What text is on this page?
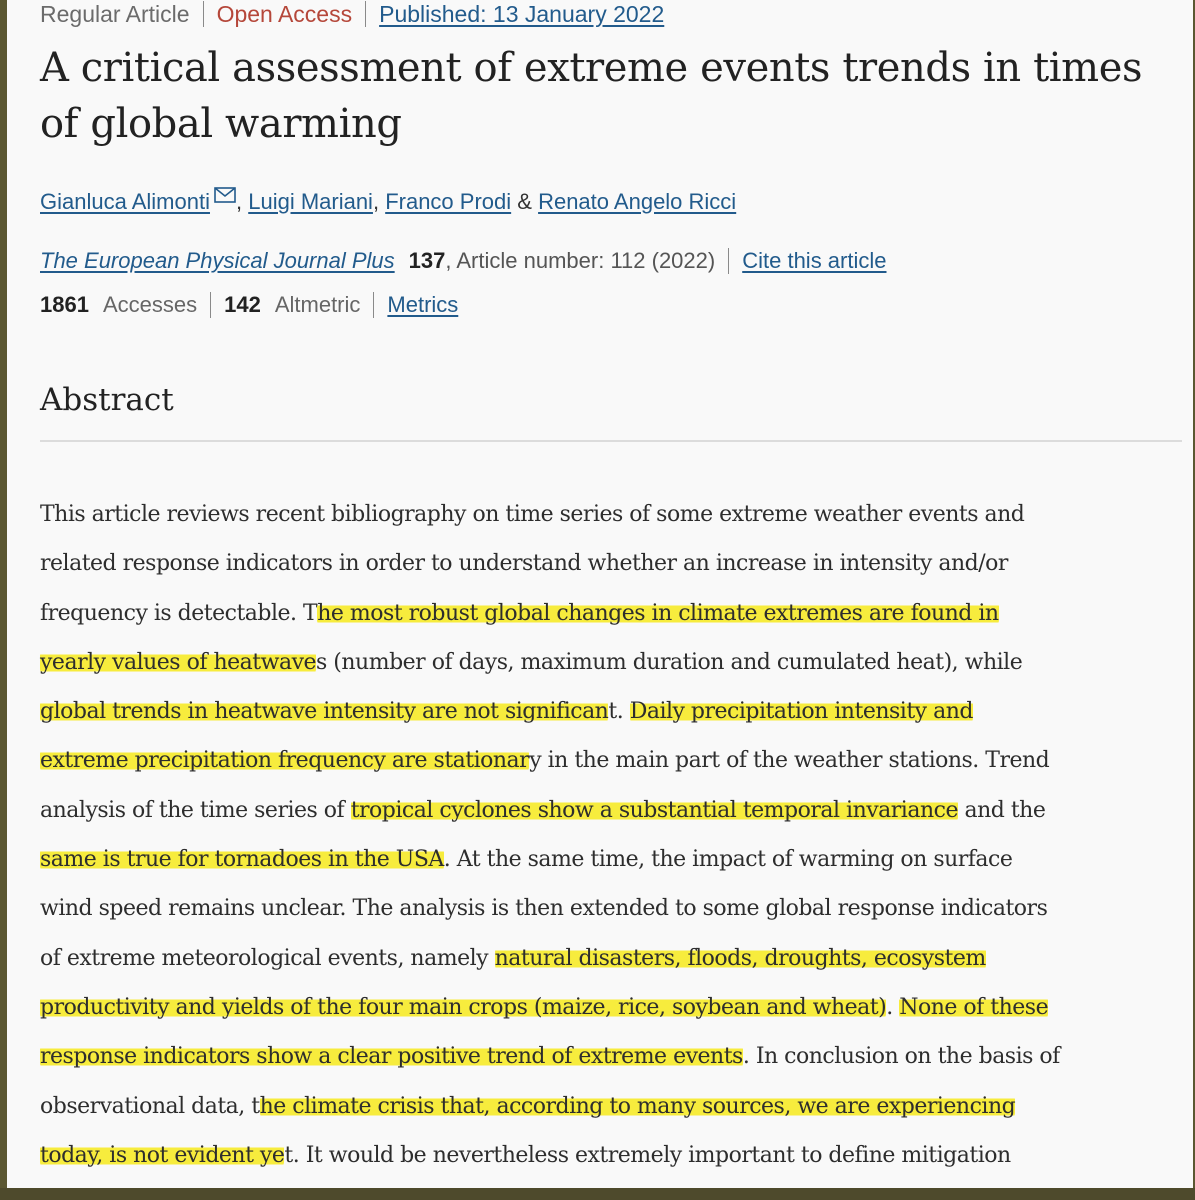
Regular Article Open Access Published: 13 January 2022
A critical assessment of extreme events trends in times
of global warming
Gianluca Alimonti , Luigi Mariani, Franco Prodi & Renato Angelo Ricci
The European Physical Journal Plus 137 , Article number: 112 (2022) Cite this article
1861 Accesses 142 Altmetric Metrics
Abstract

This article reviews recent bibliography on time series of some extreme weather events and
related response indicators in order to understand whether an increase in intensity and/or
frequency is detectable. The most robust global changes in climate extremes are found in
yearly values of heatwaves (number of days, maximum duration and cumulated heat), while
global trends in heatwave intensity are not significant. Daily precipitation intensity and
extreme precipitation frequency are stationary in the main part of the weather stations. Trend
analysis of the time series of tropical cyclones show a substantial temporal invariance and the
same is true for tornadoes in the USA. At the same time, the impact of warming on surface
wind speed remains unclear. The analysis is then extended to some global response indicators
of extreme meteorological events, namely natural disasters, floods, droughts, ecosystem
productivity and yields of the four main crops (maize, rice, soybean and wheat). None of these
response indicators show a clear positive trend of extreme events. In conclusion on the basis of
observational data, the climate crisis that, according to many sources, we are experiencing
today, is not evident yet. It would be nevertheless extremely important to define mitigation
